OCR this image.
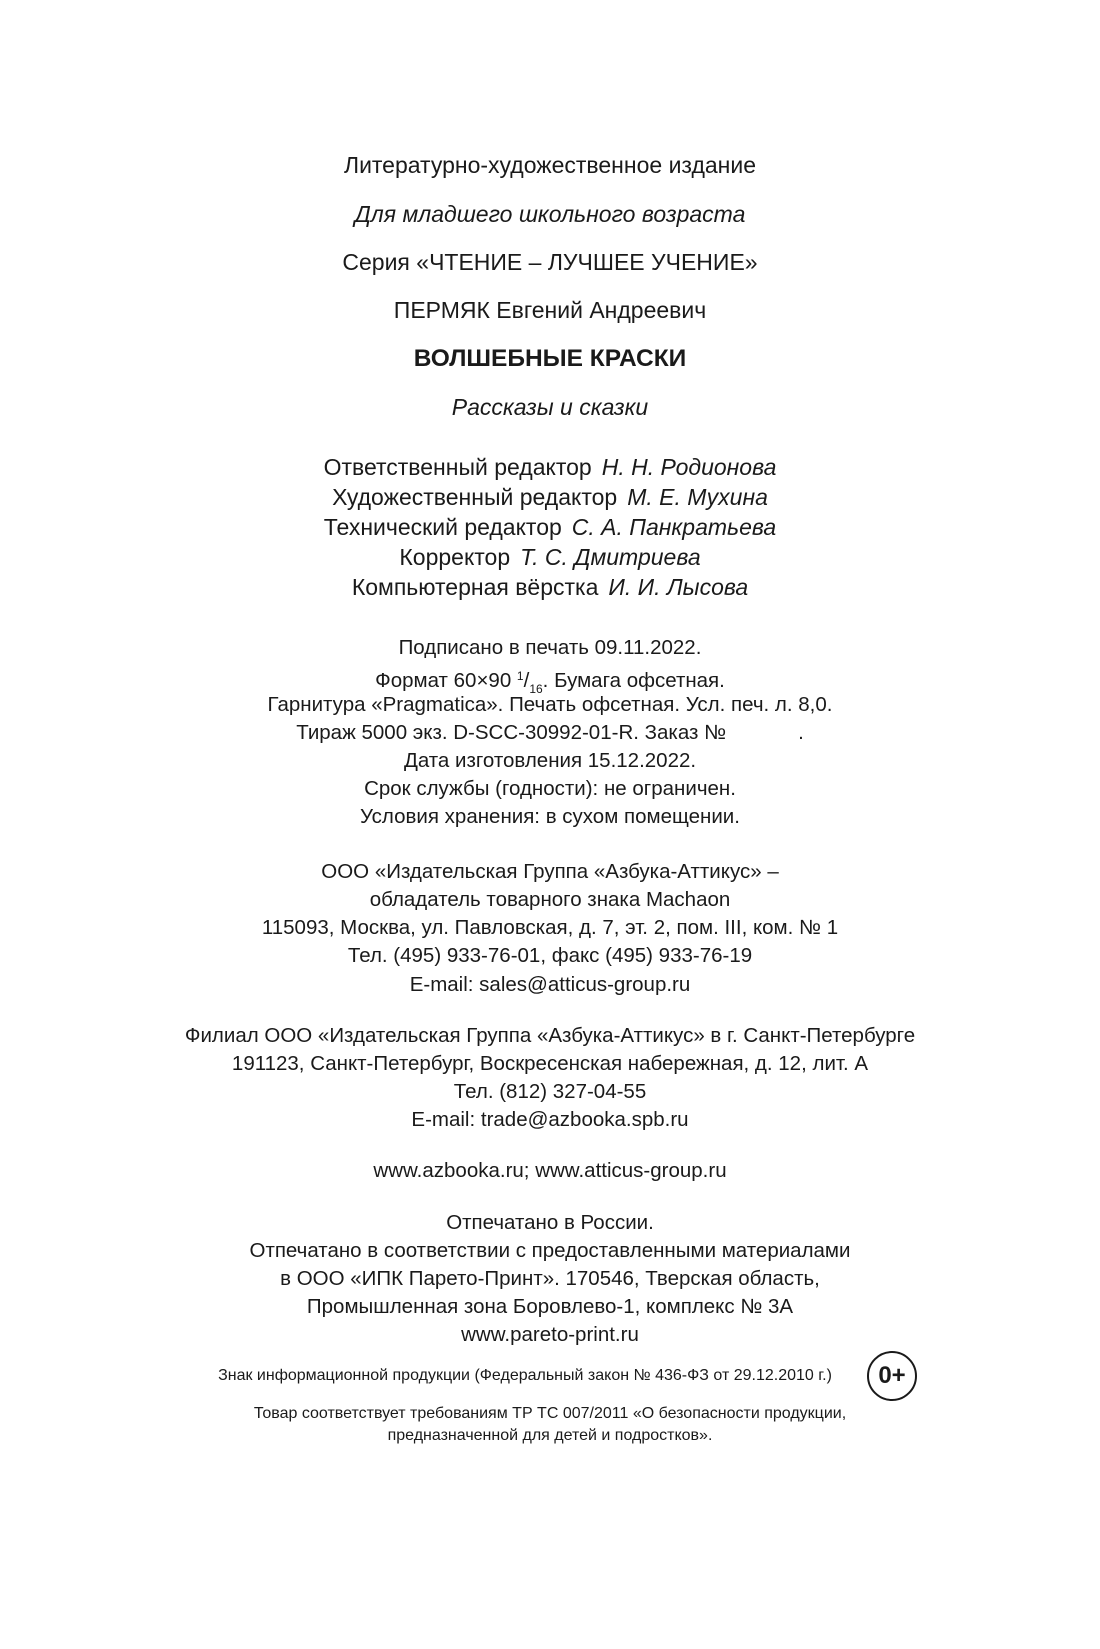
Литературно-художественное издание
Для младшего школьного возраста
Серия «ЧТЕНИЕ – ЛУЧШЕЕ УЧЕНИЕ»
ПЕРМЯК Евгений Андреевич
ВОЛШЕБНЫЕ КРАСКИ
Рассказы и сказки
Ответственный редактор Н. Н. Родионова
Художественный редактор М. Е. Мухина
Технический редактор С. А. Панкратьева
Корректор Т. С. Дмитриева
Компьютерная вёрстка И. И. Лысова
Подписано в печать 09.11.2022.
Формат 60×90 $^1/_{16}$. Бумага офсетная.
Гарнитура «Pragmatica». Печать офсетная. Усл. печ. л. 8,0.
Тираж 5000 экз. D-SCC-30992-01-R. Заказ №	.
Дата изготовления 15.12.2022.
Срок службы (годности): не ограничен.
Условия хранения: в сухом помещении.
ООО «Издательская Группа «Азбука-Аттикус» –
обладатель товарного знака Machaon
115093, Москва, ул. Павловская, д. 7, эт. 2, пом. III, ком. № 1
Тел. (495) 933-76-01, факс (495) 933-76-19
E-mail: sales@atticus-group.ru
Филиал ООО «Издательская Группа «Азбука-Аттикус» в г. Санкт-Петербурге
191123, Санкт-Петербург, Воскресенская набережная, д. 12, лит. А
Тел. (812) 327-04-55
E-mail: trade@azbooka.spb.ru
www.azbooka.ru; www.atticus-group.ru
Отпечатано в России.
Отпечатано в соответствии с предоставленными материалами
в ООО «ИПК Парето-Принт». 170546, Тверская область,
Промышленная зона Боровлево-1, комплекс № 3А
www.pareto-print.ru
Знак информационной продукции (Федеральный закон № 436-ФЗ от 29.12.2010 г.)	0+
Товар соответствует требованиям ТР ТС 007/2011 «О безопасности продукции,
предназначенной для детей и подростков».
